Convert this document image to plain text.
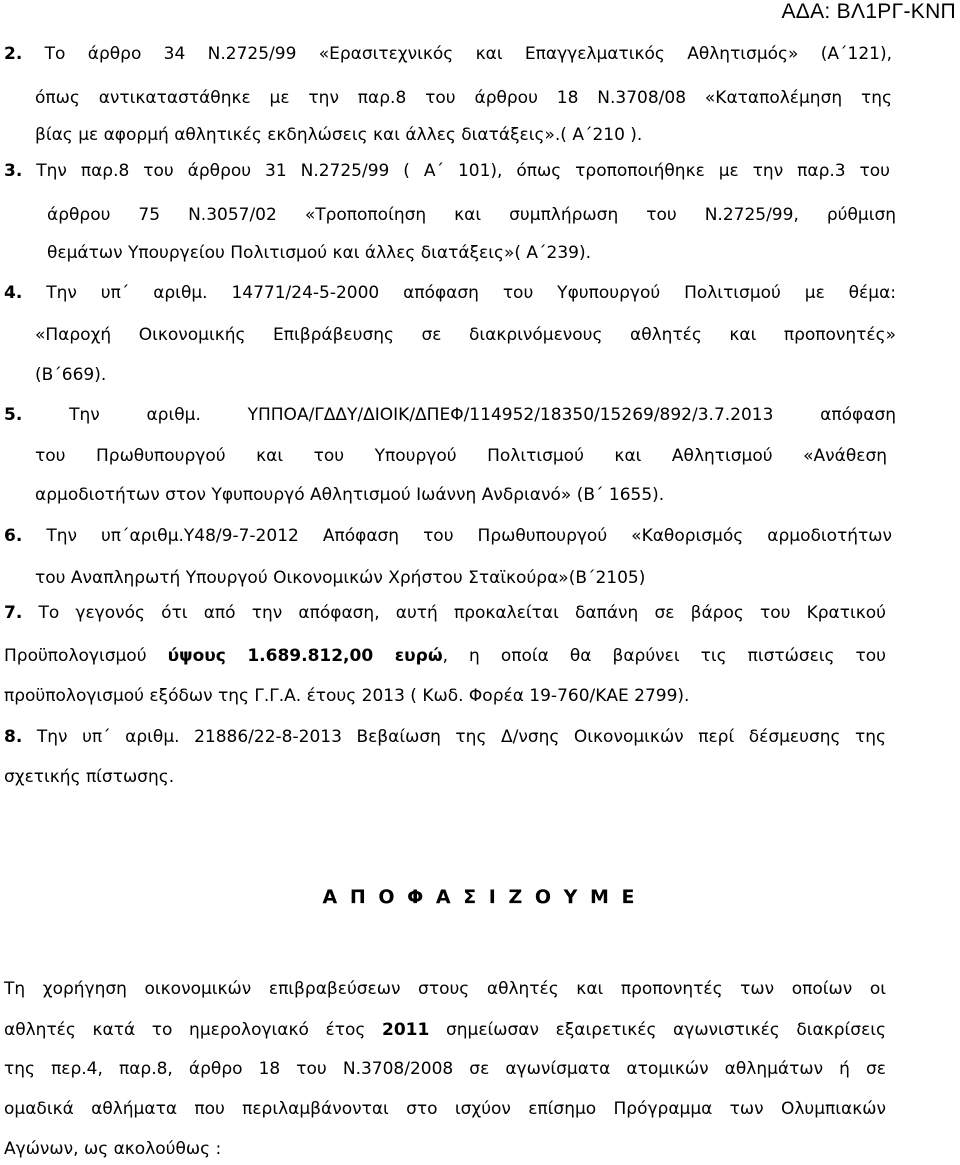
ΑΔΑ: ΒΛ1ΡΓ-ΚΝΠ
2. Το άρθρο 34 Ν.2725/99 «Ερασιτεχνικός και Επαγγελματικός Αθλητισμός» (Α΄121),
όπως αντικαταστάθηκε με την παρ.8 του άρθρου 18 Ν.3708/08 «Καταπολέμηση της
βίας με αφορμή αθλητικές εκδηλώσεις και άλλες διατάξεις».( Α΄210 ).
3. Την παρ.8 του άρθρου 31 Ν.2725/99 ( Α΄ 101), όπως τροποποιήθηκε με την παρ.3 του
άρθρου 75 Ν.3057/02 «Τροποποίηση και συμπλήρωση του Ν.2725/99, ρύθμιση
θεμάτων Υπουργείου Πολιτισμού και άλλες διατάξεις»( Α΄239).
4. Την υπ΄ αριθμ. 14771/24-5-2000 απόφαση του Υφυπουργού Πολιτισμού με θέμα:
«Παροχή Οικονομικής Επιβράβευσης σε διακρινόμενους αθλητές και προπονητές»
(Β΄669).
5.	Την αριθμ. ΥΠΠΟΑ/ΓΔΔΥ/ΔΙΟΙΚ/ΔΠΕΦ/114952/18350/15269/892/3.7.2013 απόφαση
του Πρωθυπουργού και του Υπουργού Πολιτισμού και Αθλητισμού «Ανάθεση
αρμοδιοτήτων στον Υφυπουργό Αθλητισμού Ιωάννη Ανδριανό» (Β΄ 1655).
6. Την υπ΄αριθμ.Υ48/9-7-2012 Απόφαση του Πρωθυπουργού «Καθορισμός αρμοδιοτήτων
του Αναπληρωτή Υπουργού Οικονομικών Χρήστου Σταϊκούρα»(Β΄2105)
7. Το γεγονός ότι από την απόφαση, αυτή προκαλείται δαπάνη σε βάρος του Κρατικού
Προϋπολογισμού ύψους 1.689.812,00 ευρώ, η οποία θα βαρύνει τις πιστώσεις του
προϋπολογισμού εξόδων της Γ.Γ.Α. έτους 2013 ( Κωδ. Φορέα 19-760/ΚΑΕ 2799).
8. Την υπ΄ αριθμ. 21886/22-8-2013 Βεβαίωση της Δ/νσης Οικονομικών περί δέσμευσης της
σχετικής πίστωσης.
Α Π Ο Φ Α Σ Ι Ζ Ο Υ Μ Ε
Τη χορήγηση οικονομικών επιβραβεύσεων στους αθλητές και προπονητές των οποίων οι
αθλητές κατά το ημερολογιακό έτος 2011 σημείωσαν εξαιρετικές αγωνιστικές διακρίσεις
της περ.4, παρ.8, άρθρο 18 του Ν.3708/2008 σε αγωνίσματα ατομικών αθλημάτων ή σε
ομαδικά αθλήματα που περιλαμβάνονται στο ισχύον επίσημο Πρόγραμμα των Ολυμπιακών
Αγώνων, ως ακολούθως :
